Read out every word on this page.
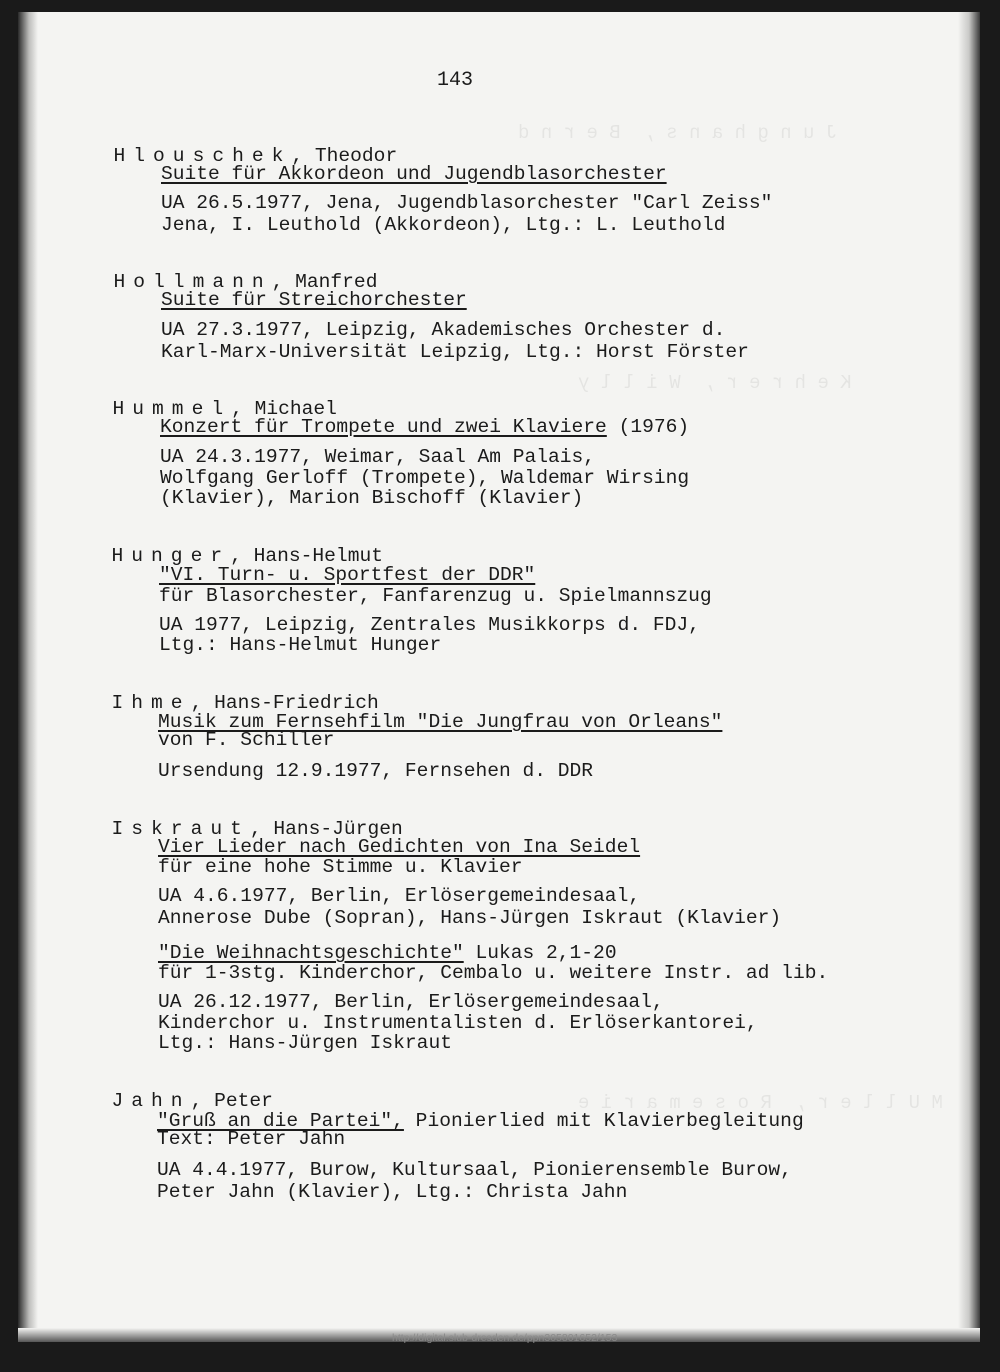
J u n g h a n s ,  B e r n d
K e h r e r ,  W i l l y
M U l l e r ,  R o s e m a r i e
143

Hlouschek, Theodor

Suite für Akkordeon und Jugendblasorchester
UA 26.5.1977, Jena, Jugendblasorchester "Carl Zeiss"
Jena, I. Leuthold (Akkordeon), Ltg.: L. Leuthold

Hollmann, Manfred

Suite für Streichorchester
UA 27.3.1977, Leipzig, Akademisches Orchester d.
Karl-Marx-Universität Leipzig, Ltg.: Horst Förster

Hummel, Michael

Konzert für Trompete und zwei Klaviere (1976)
UA 24.3.1977, Weimar, Saal Am Palais,
Wolfgang Gerloff (Trompete), Waldemar Wirsing
(Klavier), Marion Bischoff (Klavier)

Hunger, Hans-Helmut

"VI. Turn- u. Sportfest der DDR"
für Blasorchester, Fanfarenzug u. Spielmannszug
UA 1977, Leipzig, Zentrales Musikkorps d. FDJ,
Ltg.: Hans-Helmut Hunger

Ihme, Hans-Friedrich

Musik zum Fernsehfilm "Die Jungfrau von Orleans"
von F. Schiller
Ursendung 12.9.1977, Fernsehen d. DDR

Iskraut, Hans-Jürgen

Vier Lieder nach Gedichten von Ina Seidel
für eine hohe Stimme u. Klavier
UA 4.6.1977, Berlin, Erlösergemeindesaal,
Annerose Dube (Sopran), Hans-Jürgen Iskraut (Klavier)
"Die Weihnachtsgeschichte" Lukas 2,1-20
für 1-3stg. Kinderchor, Cembalo u. weitere Instr. ad lib.
UA 26.12.1977, Berlin, Erlösergemeindesaal,
Kinderchor u. Instrumentalisten d. Erlöserkantorei,
Ltg.: Hans-Jürgen Iskraut

Jahn, Peter

"Gruß an die Partei", Pionierlied mit Klavierbegleitung
Text: Peter Jahn
UA 4.4.1977, Burow, Kultursaal, Pionierensemble Burow,
Peter Jahn (Klavier), Ltg.: Christa Jahn
http://digital.slub-dresden.de/ppn305801652/153
